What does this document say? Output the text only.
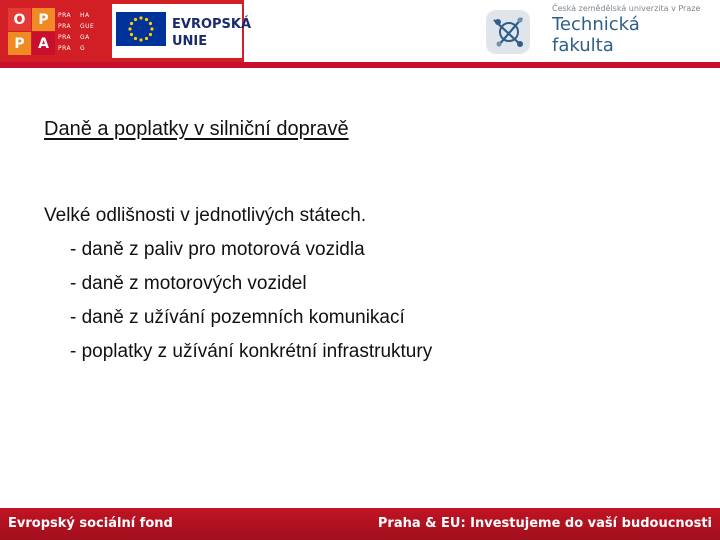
O P
P A
PRA HA
PRA GUE
PRA GA
PRA G
EVROPSKÁ
UNIE
Česká zemědělská univerzita v Praze
Technická
fakulta
Daně a poplatky v silniční dopravě
Velké odlišnosti v jednotlivých státech.
- daně z paliv pro motorová vozidla
- daně z motorových vozidel
- daně z užívání pozemních komunikací
- poplatky z užívání konkrétní infrastruktury
Evropský sociální fond	Praha & EU: Investujeme do vaší budoucnosti
